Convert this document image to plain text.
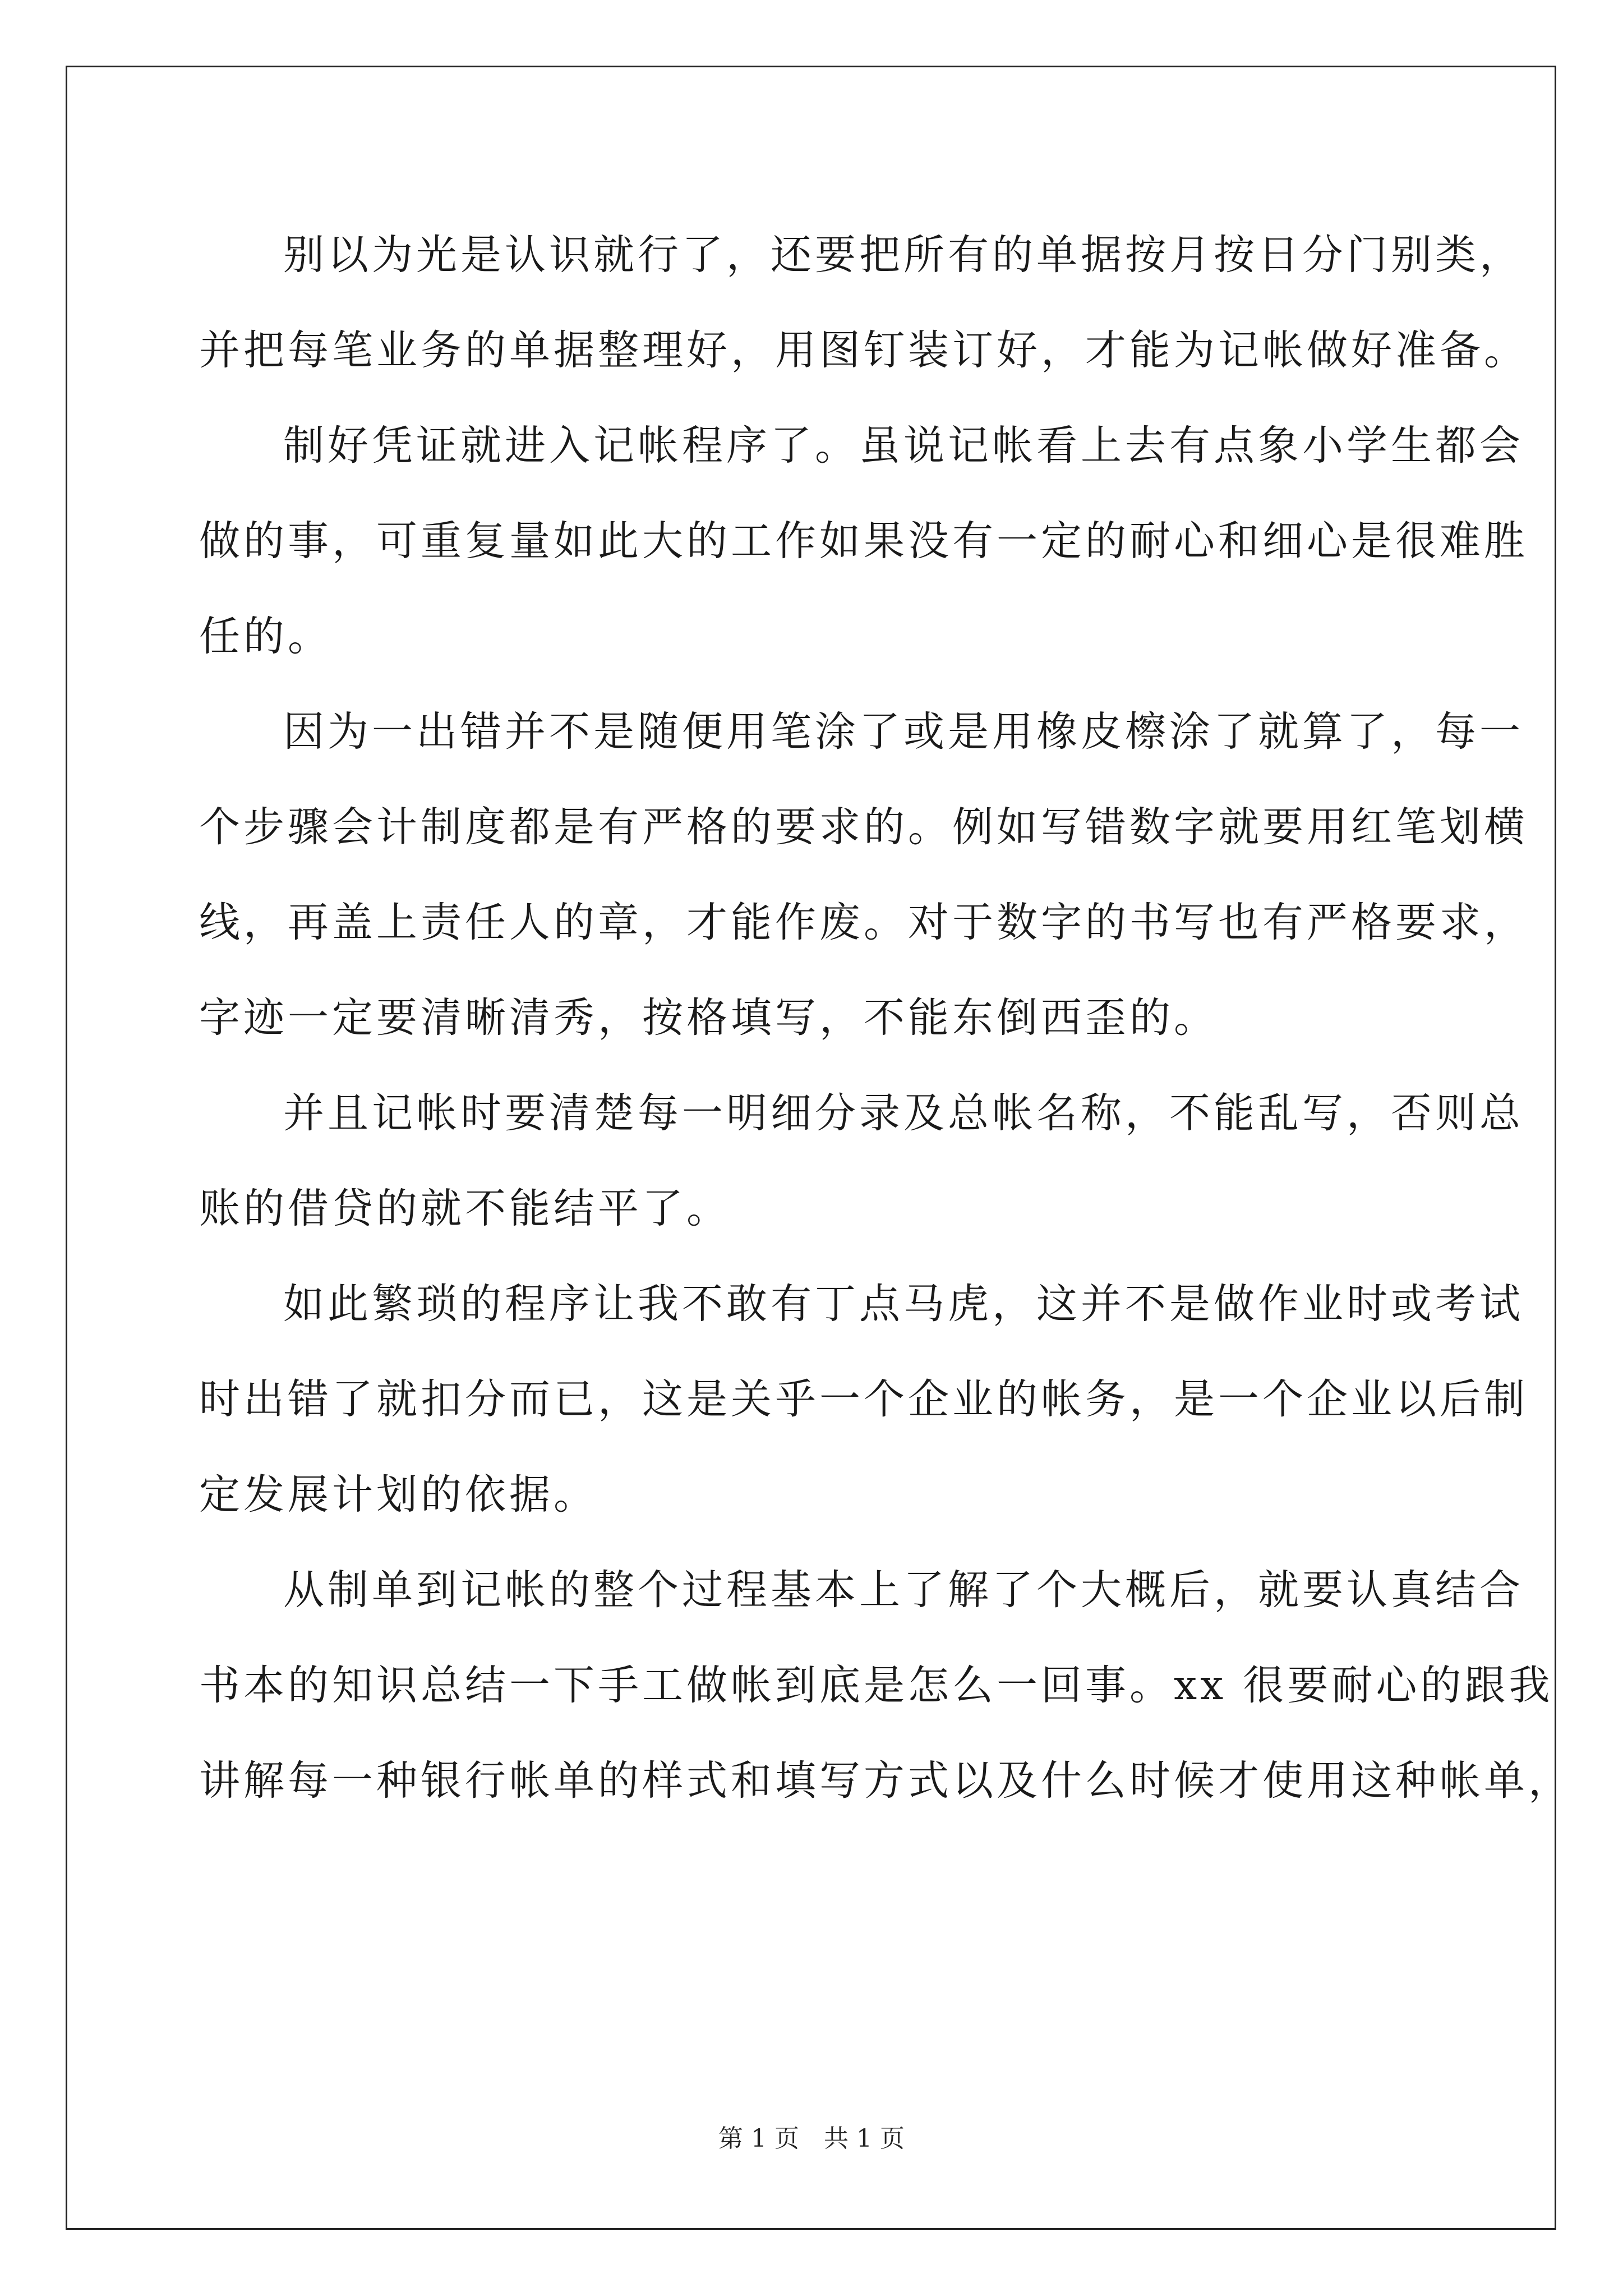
别以为光是认识就行了，还要把所有的单据按月按日分门别类，
并把每笔业务的单据整理好，用图钉装订好，才能为记帐做好准备。
制好凭证就进入记帐程序了。虽说记帐看上去有点象小学生都会
做的事，可重复量如此大的工作如果没有一定的耐心和细心是很难胜
任的。
因为一出错并不是随便用笔涂了或是用橡皮檫涂了就算了，每一
个步骤会计制度都是有严格的要求的。例如写错数字就要用红笔划横
线，再盖上责任人的章，才能作废。对于数字的书写也有严格要求，
字迹一定要清晰清秀，按格填写，不能东倒西歪的。
并且记帐时要清楚每一明细分录及总帐名称，不能乱写，否则总
账的借贷的就不能结平了。
如此繁琐的程序让我不敢有丁点马虎，这并不是做作业时或考试
时出错了就扣分而已，这是关乎一个企业的帐务，是一个企业以后制
定发展计划的依据。
从制单到记帐的整个过程基本上了解了个大概后，就要认真结合
书本的知识总结一下手工做帐到底是怎么一回事。xx 很要耐心的跟我
讲解每一种银行帐单的样式和填写方式以及什么时候才使用这种帐单，
第 1 页　共 1 页
